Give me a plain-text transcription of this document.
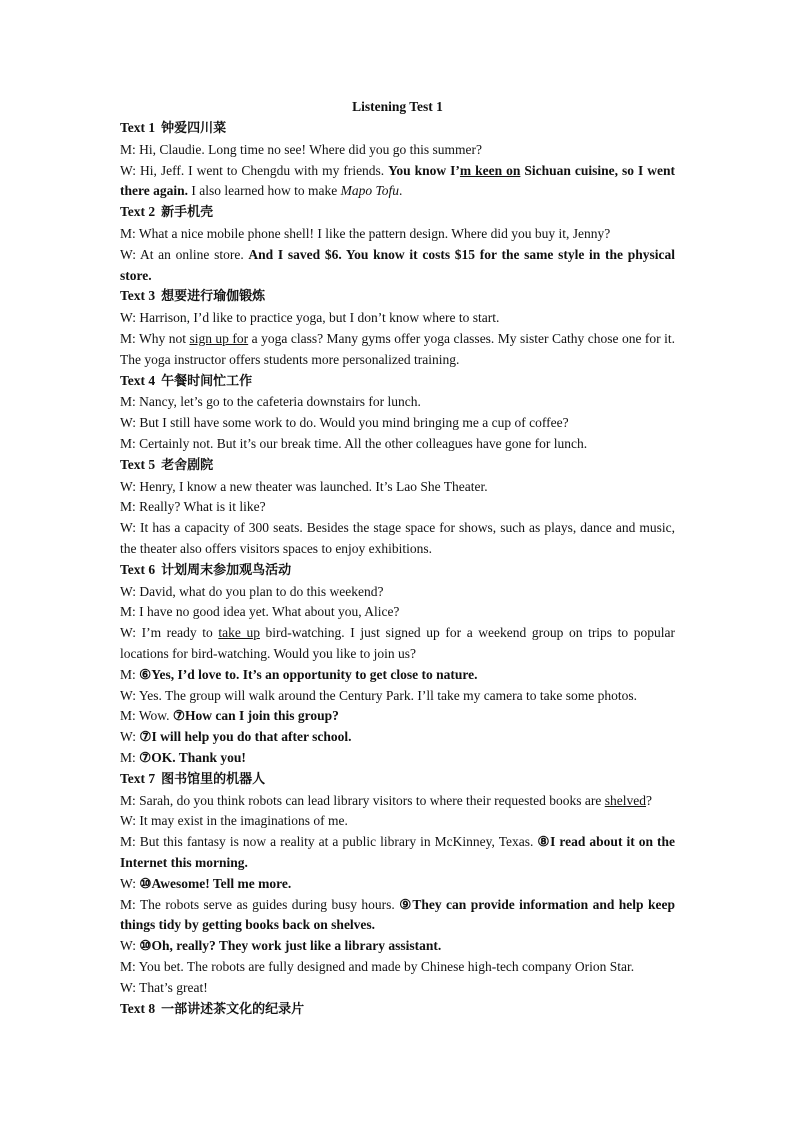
Listening Test 1

Text 1 钟爱四川菜

M: Hi, Claudie. Long time no see! Where did you go this summer?

W: Hi, Jeff. I went to Chengdu with my friends. You know I’m keen on Sichuan cuisine, so I went there again. I also learned how to make Mapo Tofu.

Text 2 新手机壳

M: What a nice mobile phone shell! I like the pattern design. Where did you buy it, Jenny?

W: At an online store. And I saved $6. You know it costs $15 for the same style in the physical store.

Text 3 想要进行瑜伽锻炼

W: Harrison, I’d like to practice yoga, but I don’t know where to start.

M: Why not sign up for a yoga class? Many gyms offer yoga classes. My sister Cathy chose one for it. The yoga instructor offers students more personalized training.

Text 4 午餐时间忙工作

M: Nancy, let’s go to the cafeteria downstairs for lunch.

W: But I still have some work to do. Would you mind bringing me a cup of coffee?

M: Certainly not. But it’s our break time. All the other colleagues have gone for lunch.

Text 5 老舍剧院

W: Henry, I know a new theater was launched. It’s Lao She Theater.

M: Really? What is it like?

W: It has a capacity of 300 seats. Besides the stage space for shows, such as plays, dance and music, the theater also offers visitors spaces to enjoy exhibitions.

Text 6 计划周末参加观鸟活动

W: David, what do you plan to do this weekend?

M: I have no good idea yet. What about you, Alice?

W: I’m ready to take up bird-watching. I just signed up for a weekend group on trips to popular locations for bird-watching. Would you like to join us?

M: ⑥Yes, I’d love to. It’s an opportunity to get close to nature.

W: Yes. The group will walk around the Century Park. I’ll take my camera to take some photos.

M: Wow. ⑦How can I join this group?

W: ⑦I will help you do that after school.

M: ⑦OK. Thank you!

Text 7 图书馆里的机器人

M: Sarah, do you think robots can lead library visitors to where their requested books are shelved?

W: It may exist in the imaginations of me.

M: But this fantasy is now a reality at a public library in McKinney, Texas. ⑧I read about it on the Internet this morning.

W: ⑩Awesome! Tell me more.

M: The robots serve as guides during busy hours. ⑨They can provide information and help keep things tidy by getting books back on shelves.

W: ⑩Oh, really? They work just like a library assistant.

M: You bet. The robots are fully designed and made by Chinese high-tech company Orion Star.

W: That’s great!

Text 8 一部讲述茶文化的纪录片
